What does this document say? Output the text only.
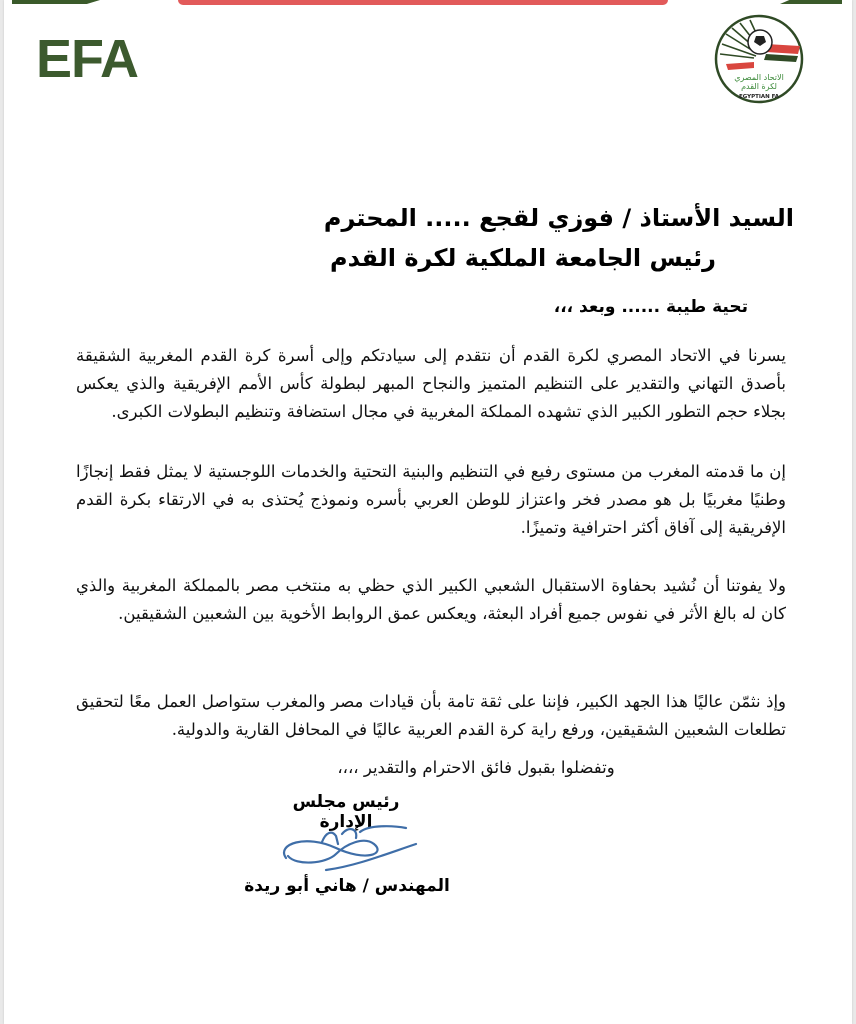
EFA	الاتحاد المصري
لكرة القدم
EGYPTIAN FA
السيد الأستاذ / فوزي لقجع ..... المحترم
رئيس الجامعة الملكية لكرة القدم
تحية طيبة ...... وبعد ،،،

يسرنا في الاتحاد المصري لكرة القدم أن نتقدم إلى سيادتكم وإلى أسرة كرة القدم المغربية الشقيقة بأصدق التهاني والتقدير على التنظيم المتميز والنجاح المبهر لبطولة كأس الأمم الإفريقية والذي يعكس بجلاء حجم التطور الكبير الذي تشهده المملكة المغربية في مجال استضافة وتنظيم البطولات الكبرى.

إن ما قدمته المغرب من مستوى رفيع في التنظيم والبنية التحتية والخدمات اللوجستية لا يمثل فقط إنجازًا وطنيًا مغربيًا بل هو مصدر فخر واعتزاز للوطن العربي بأسره ونموذج يُحتذى به في الارتقاء بكرة القدم الإفريقية إلى آفاق أكثر احترافية وتميزًا.

ولا يفوتنا أن نُشيد بحفاوة الاستقبال الشعبي الكبير الذي حظي به منتخب مصر بالمملكة المغربية والذي كان له بالغ الأثر في نفوس جميع أفراد البعثة، ويعكس عمق الروابط الأخوية بين الشعبين الشقيقين.

وإذ نثمّن عاليًا هذا الجهد الكبير، فإننا على ثقة تامة بأن قيادات مصر والمغرب ستواصل العمل معًا لتحقيق تطلعات الشعبين الشقيقين، ورفع راية كرة القدم العربية عاليًا في المحافل القارية والدولية.

وتفضلوا بقبول فائق الاحترام والتقدير ،،،،
رئيس مجلس الإدارة
المهندس / هاني أبو ريدة
